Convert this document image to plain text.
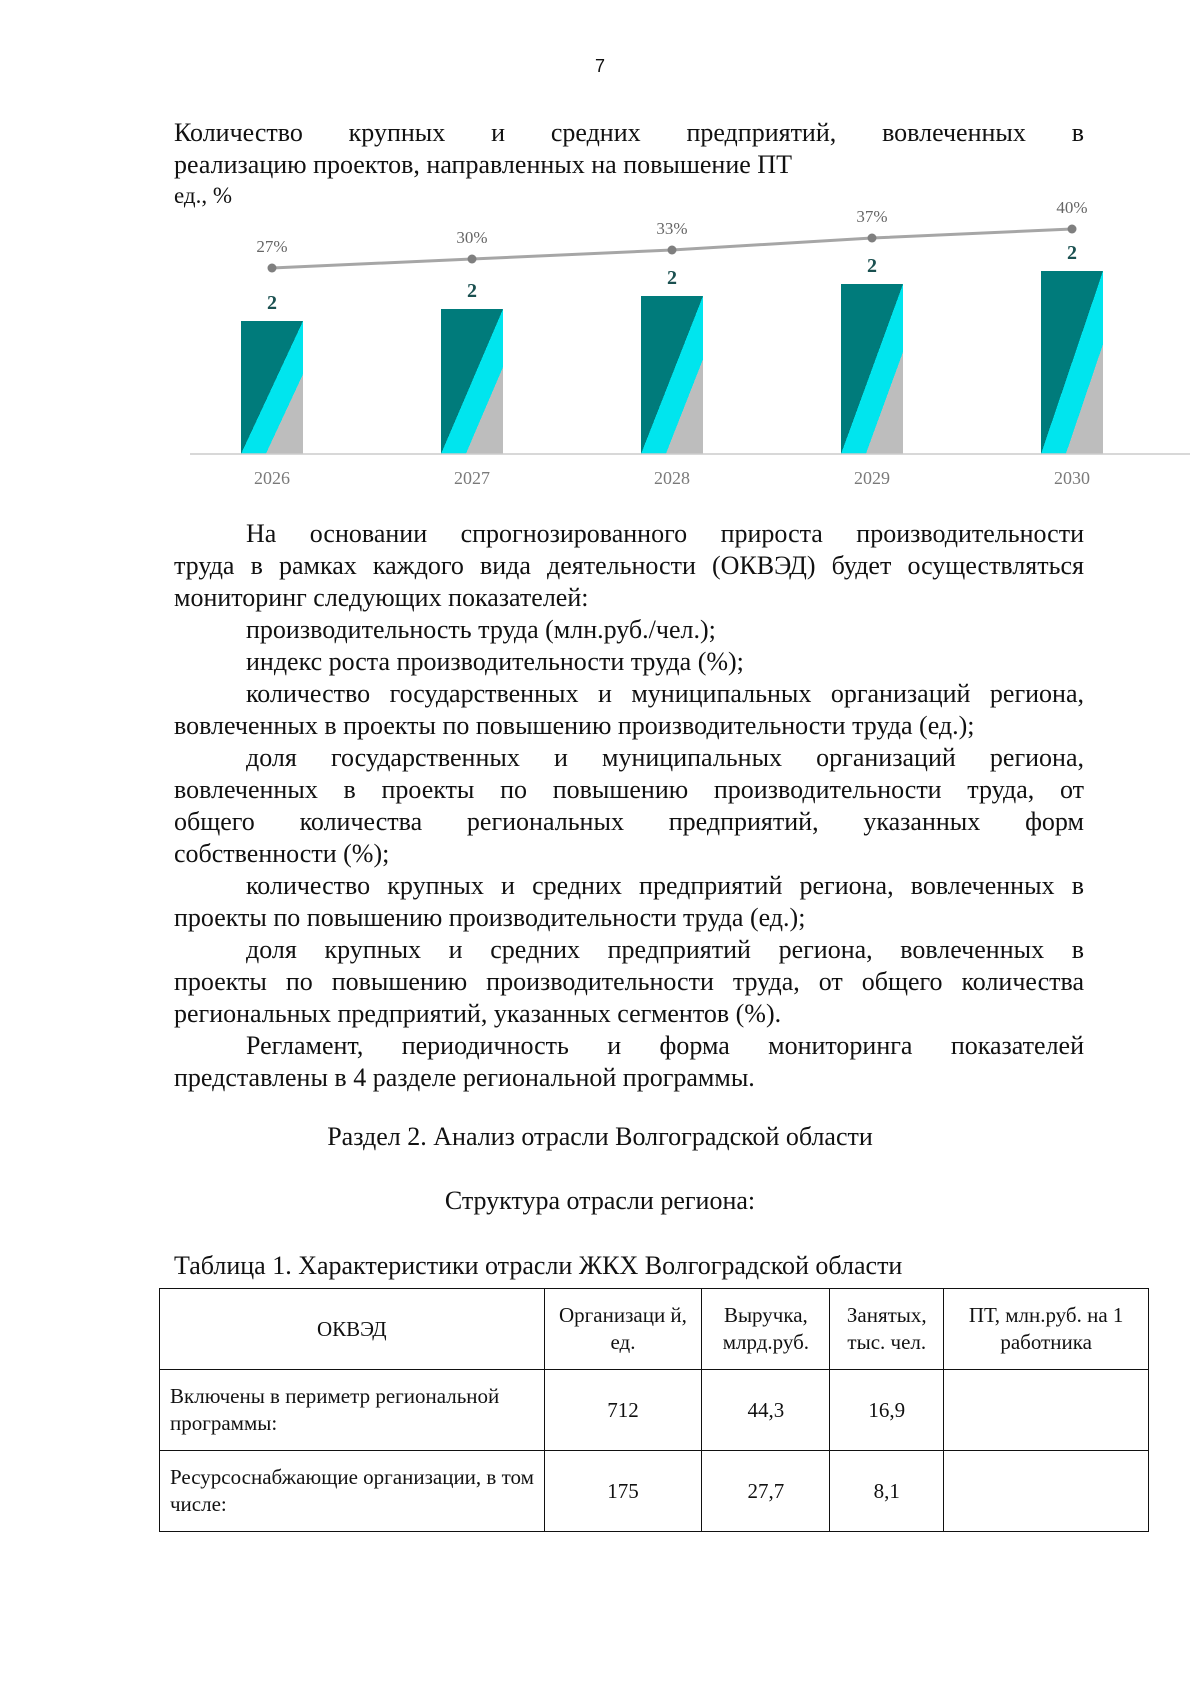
7
Количество крупных и средних предприятий, вовлеченных в
реализацию проектов, направленных на повышение ПТ
ед., %
2
2026
2
2027
2
2028
2
2029
2
2030
27%	30%	33%
37%	40%
На основании спрогнозированного прироста производительности
труда в рамках каждого вида деятельности (ОКВЭД) будет осуществляться
мониторинг следующих показателей:
производительность труда (млн.руб./чел.);
индекс роста производительности труда (%);
количество государственных и муниципальных организаций региона,
вовлеченных в проекты по повышению производительности труда (ед.);
доля государственных и муниципальных организаций региона,
вовлеченных в проекты по повышению производительности труда, от
общего количества региональных предприятий, указанных форм
собственности (%);
количество крупных и средних предприятий региона, вовлеченных в
проекты по повышению производительности труда (ед.);
доля крупных и средних предприятий региона, вовлеченных в
проекты по повышению производительности труда, от общего количества
региональных предприятий, указанных сегментов (%).
Регламент, периодичность и форма мониторинга показателей
представлены в 4 разделе региональной программы.
Раздел 2. Анализ отрасли Волгоградской области
Структура отрасли региона:
Таблица 1. Характеристики отрасли ЖКХ Волгоградской области
ОКВЭД	Организаци й, ед.	Выручка, млрд.руб.	Занятых, тыс. чел.	ПТ, млн.руб. на 1 работника
Включены в периметр региональной программы:	712	44,3	16,9	
Ресурсоснабжающие организации, в том числе:	175	27,7	8,1	
